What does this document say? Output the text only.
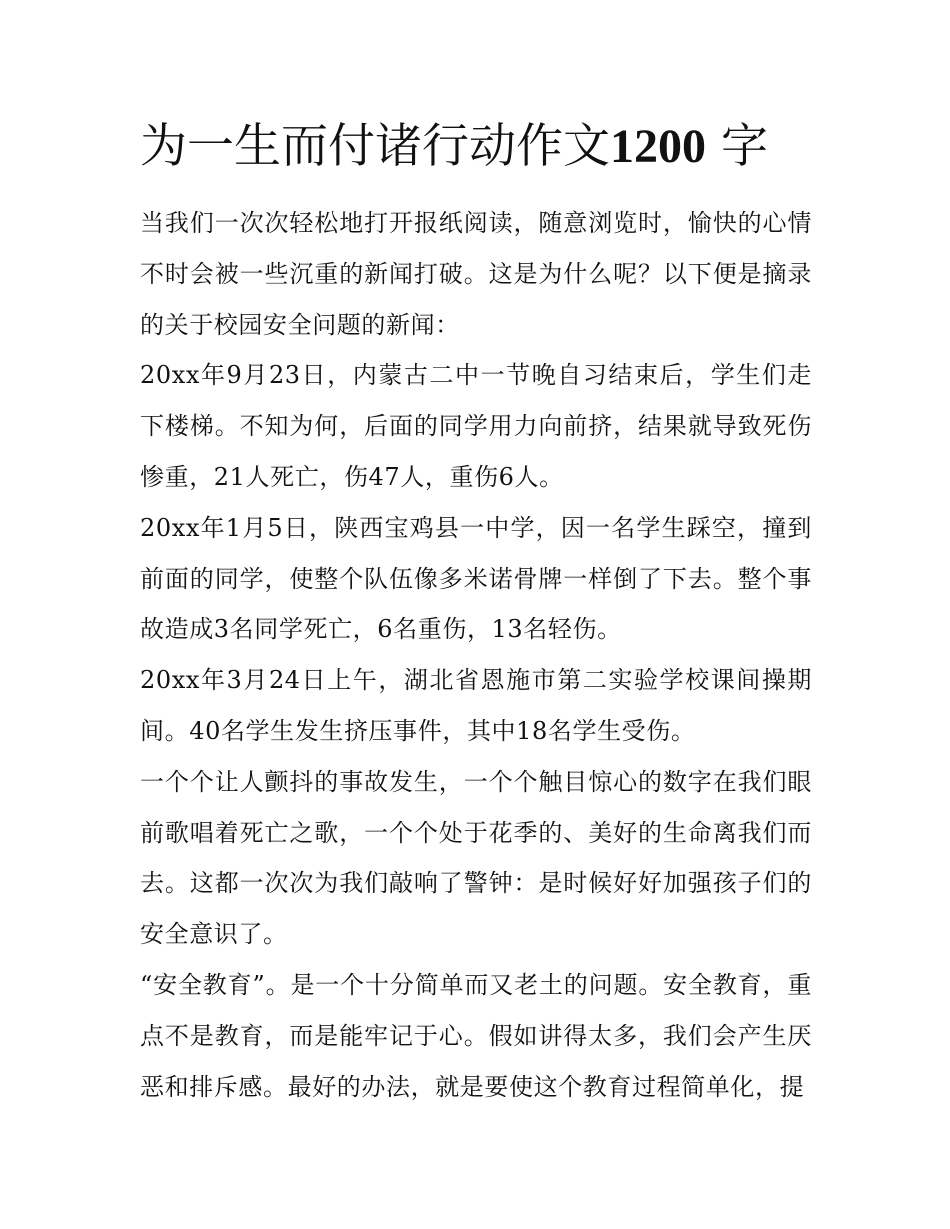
为一生而付诸行动作文1200 字

当我们一次次轻松地打开报纸阅读，随意浏览时，愉快的心情不时会被一些沉重的新闻打破。这是为什么呢？以下便是摘录的关于校园安全问题的新闻：

20xx年9月23日，内蒙古二中一节晚自习结束后，学生们走下楼梯。不知为何，后面的同学用力向前挤，结果就导致死伤惨重，21人死亡，伤47人，重伤6人。

20xx年1月5日，陕西宝鸡县一中学，因一名学生踩空，撞到前面的同学，使整个队伍像多米诺骨牌一样倒了下去。整个事故造成3名同学死亡，6名重伤，13名轻伤。

20xx年3月24日上午，湖北省恩施市第二实验学校课间操期间。40名学生发生挤压事件，其中18名学生受伤。

一个个让人颤抖的事故发生，一个个触目惊心的数字在我们眼前歌唱着死亡之歌，一个个处于花季的、美好的生命离我们而去。这都一次次为我们敲响了警钟：是时候好好加强孩子们的安全意识了。

“安全教育”。是一个十分简单而又老土的问题。安全教育，重点不是教育，而是能牢记于心。假如讲得太多，我们会产生厌恶和排斥感。最好的办法，就是要使这个教育过程简单化，提
